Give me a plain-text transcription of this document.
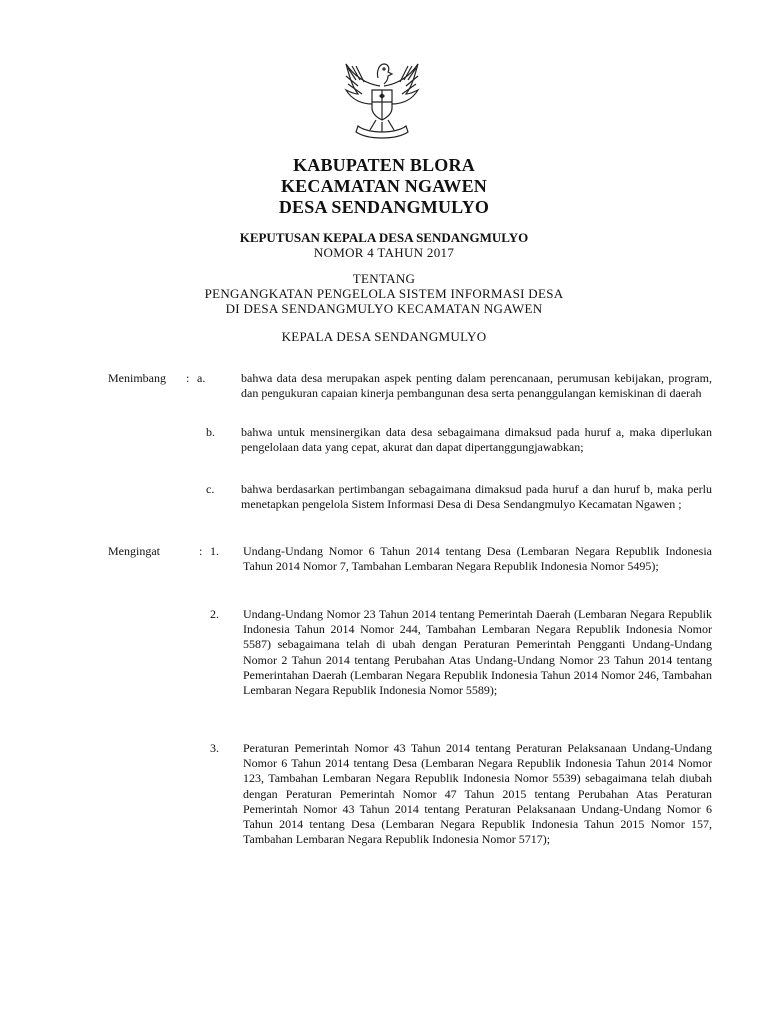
KABUPATEN BLORA
KECAMATAN NGAWEN
DESA SENDANGMULYO
KEPUTUSAN KEPALA DESA SENDANGMULYO
NOMOR 4 TAHUN 2017
TENTANG
PENGANGKATAN PENGELOLA SISTEM INFORMASI DESA
DI DESA SENDANGMULYO KECAMATAN NGAWEN
KEPALA DESA SENDANGMULYO
Menimbang : a.	bahwa data desa merupakan aspek penting dalam perencanaan, perumusan kebijakan, program, dan pengukuran capaian kinerja pembangunan desa serta penanggulangan kemiskinan di daerah
b. bahwa untuk mensinergikan data desa sebagaimana dimaksud pada huruf a, maka diperlukan pengelolaan data yang cepat, akurat dan dapat dipertanggungjawabkan;
c. bahwa berdasarkan pertimbangan sebagaimana dimaksud pada huruf a dan huruf b, maka perlu menetapkan pengelola Sistem Informasi Desa di Desa Sendangmulyo Kecamatan Ngawen ;
Mengingat	: 1. Undang-Undang Nomor 6 Tahun 2014 tentang Desa (Lembaran Negara Republik Indonesia Tahun 2014 Nomor 7, Tambahan Lembaran Negara Republik Indonesia Nomor 5495);
2. Undang-Undang Nomor 23 Tahun 2014 tentang Pemerintah Daerah (Lembaran Negara Republik Indonesia Tahun 2014 Nomor 244, Tambahan Lembaran Negara Republik Indonesia Nomor 5587) sebagaimana telah di ubah dengan Peraturan Pemerintah Pengganti Undang-Undang Nomor 2 Tahun 2014 tentang Perubahan Atas Undang-Undang Nomor 23 Tahun 2014 tentang Pemerintahan Daerah (Lembaran Negara Republik Indonesia Tahun 2014 Nomor 246, Tambahan Lembaran Negara Republik Indonesia Nomor 5589);
3. Peraturan Pemerintah Nomor 43 Tahun 2014 tentang Peraturan Pelaksanaan Undang-Undang Nomor 6 Tahun 2014 tentang Desa (Lembaran Negara Republik Indonesia Tahun 2014 Nomor 123, Tambahan Lembaran Negara Republik Indonesia Nomor 5539) sebagaimana telah diubah dengan Peraturan Pemerintah Nomor 47 Tahun 2015 tentang Perubahan Atas Peraturan Pemerintah Nomor 43 Tahun 2014 tentang Peraturan Pelaksanaan Undang-Undang Nomor 6 Tahun 2014 tentang Desa (Lembaran Negara Republik Indonesia Tahun 2015 Nomor 157, Tambahan Lembaran Negara Republik Indonesia Nomor 5717);
